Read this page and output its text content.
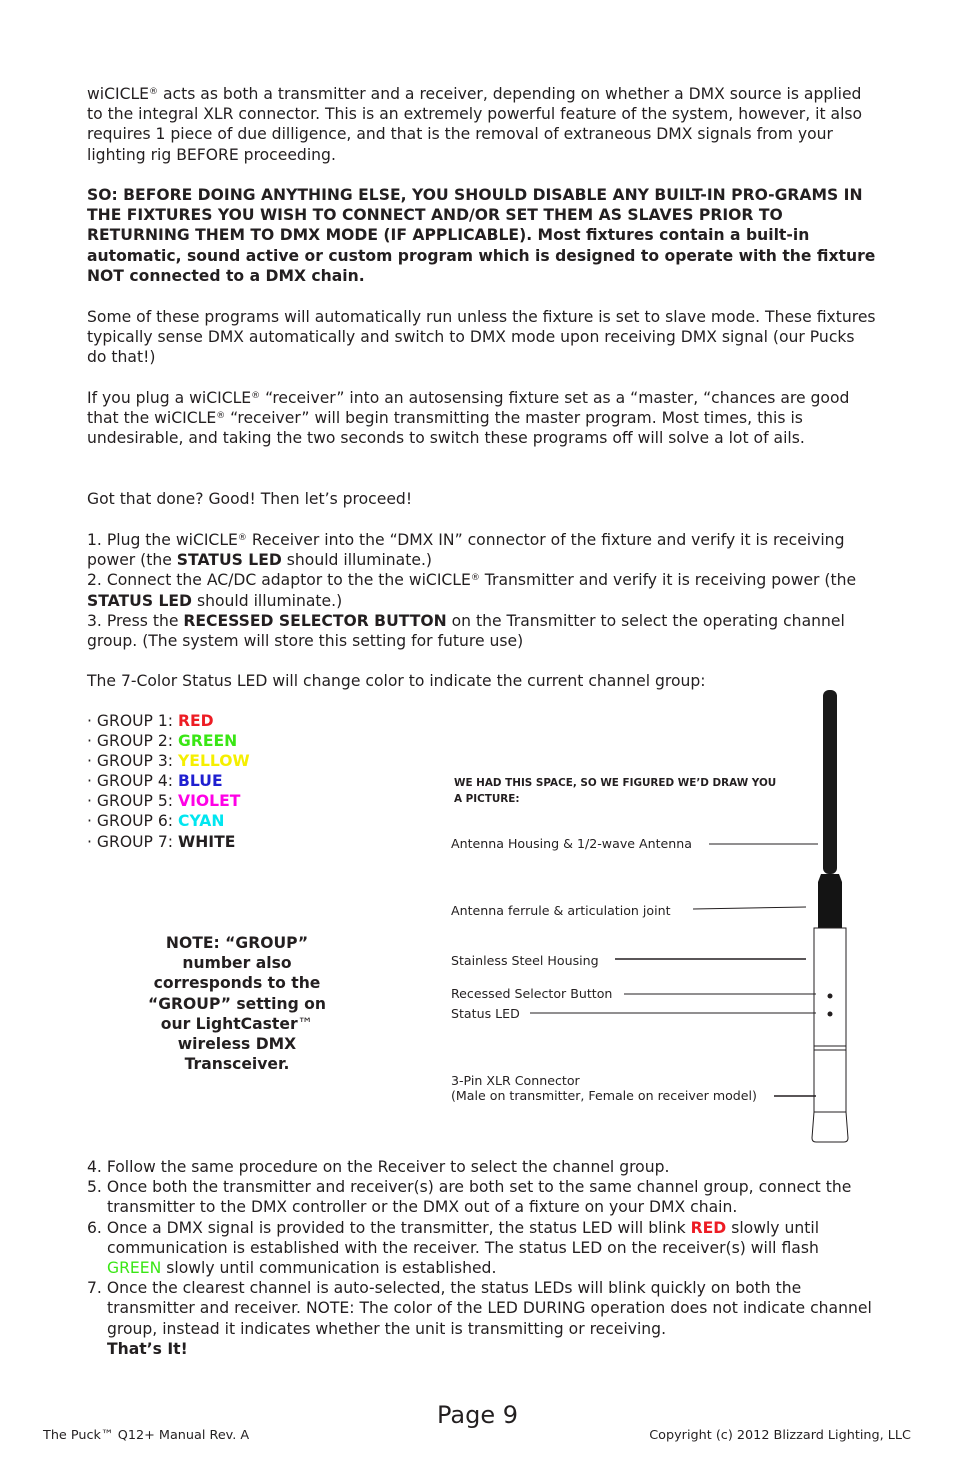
wiCICLE® acts as both a transmitter and a receiver, depending on whether a DMX source is applied to the integral XLR connector. This is an extremely powerful feature of the system, however, it also requires 1 piece of due dilligence, and that is the removal of extraneous DMX signals from your lighting rig BEFORE proceeding.

SO: BEFORE DOING ANYTHING ELSE, YOU SHOULD DISABLE ANY BUILT-IN PRO-GRAMS IN THE FIXTURES YOU WISH TO CONNECT AND/OR SET THEM AS SLAVES PRIOR TO RETURNING THEM TO DMX MODE (IF APPLICABLE). Most fixtures contain a built-in automatic, sound active or custom program which is designed to operate with the fixture NOT connected to a DMX chain.

Some of these programs will automatically run unless the fixture is set to slave mode. These fixtures typically sense DMX automatically and switch to DMX mode upon receiving DMX signal (our Pucks do that!)

If you plug a wiCICLE® “receiver” into an autosensing fixture set as a “master, “chances are good that the wiCICLE® “receiver” will begin transmitting the master program. Most times, this is undesirable, and taking the two seconds to switch these programs off will solve a lot of ails.

Got that done? Good! Then let’s proceed!

1. Plug the wiCICLE® Receiver into the “DMX IN” connector of the fixture and verify it is receiving power (the STATUS LED should illuminate.)

2. Connect the AC/DC adaptor to the the wiCICLE® Transmitter and verify it is receiving power (the STATUS LED should illuminate.)

3. Press the RECESSED SELECTOR BUTTON on the Transmitter to select the operating channel group. (The system will store this setting for future use)

The 7-Color Status LED will change color to indicate the current channel group:

· GROUP 1: RED
· GROUP 2: GREEN
· GROUP 3: YELLOW
· GROUP 4: BLUE
· GROUP 5: VIOLET
· GROUP 6: CYAN
· GROUP 7: WHITE

NOTE: “GROUP” number also corresponds to the “GROUP” setting on our LightCaster™ wireless DMX Transceiver.

WE HAD THIS SPACE, SO WE FIGURED WE’D DRAW YOU A PICTURE:
Antenna Housing & 1/2-wave Antenna
Antenna ferrule & articulation joint
Stainless Steel Housing
Recessed Selector Button
Status LED
3-Pin XLR Connector
(Male on transmitter, Female on receiver model)

4. Follow the same procedure on the Receiver to select the channel group.

5. Once both the transmitter and receiver(s) are both set to the same channel group, connect the transmitter to the DMX controller or the DMX out of a fixture on your DMX chain.

6. Once a DMX signal is provided to the transmitter, the status LED will blink RED slowly until communication is established with the receiver. The status LED on the receiver(s) will flash GREEN slowly until communication is established.

7. Once the clearest channel is auto-selected, the status LEDs will blink quickly on both the transmitter and receiver. NOTE: The color of the LED DURING operation does not indicate channel group, instead it indicates whether the unit is transmitting or receiving.
That’s It!

Page 9
The Puck™ Q12+ Manual Rev. A	Copyright (c) 2012 Blizzard Lighting, LLC
